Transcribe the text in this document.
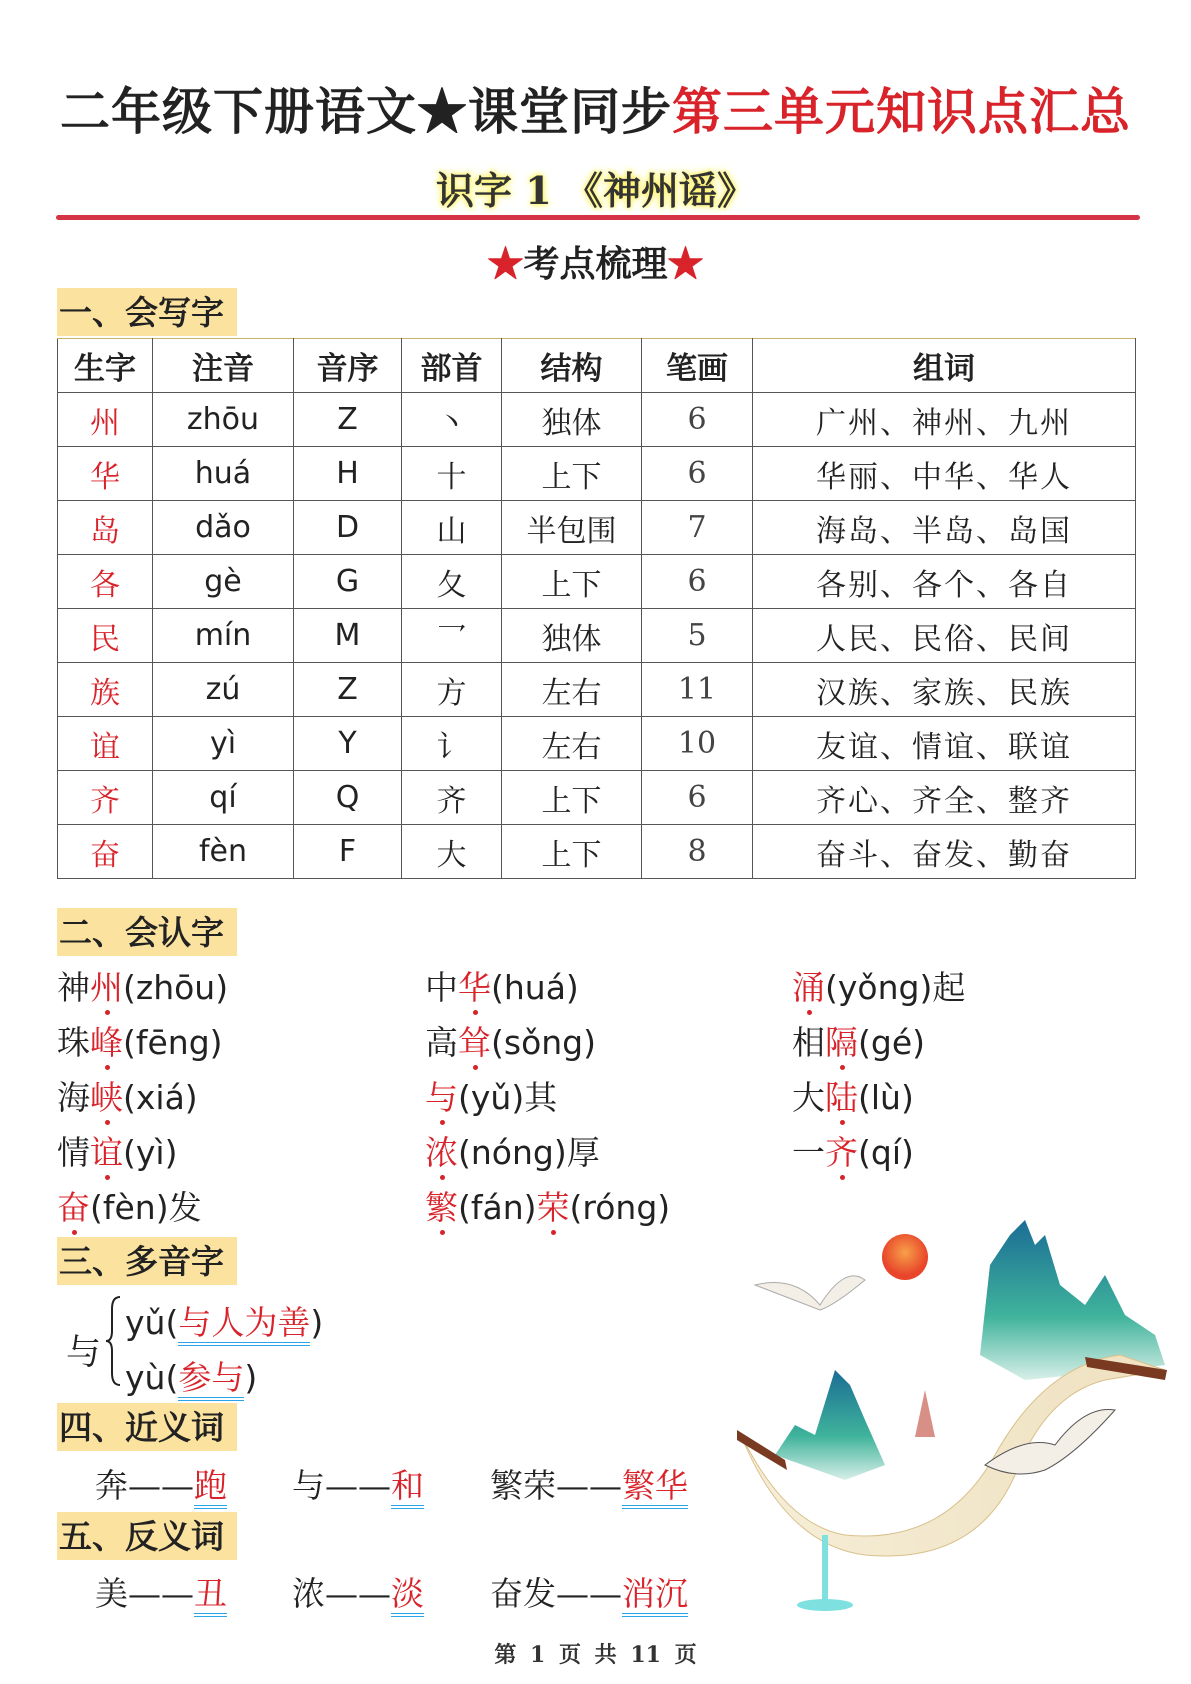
二年级下册语文★课堂同步第三单元知识点汇总
识字 1 《神州谣》
★考点梳理★
一、会写字
生字	注音	音序	部首	结构	笔画	组词
州	zhōu	Z	丶	独体	6	广州、神州、九州
华	huá	H	十	上下	6	华丽、中华、华人
岛	dǎo	D	山	半包围	7	海岛、半岛、岛国
各	gè	G	夂	上下	6	各别、各个、各自
民	mín	M	乛	独体	5	人民、民俗、民间
族	zú	Z	方	左右	11	汉族、家族、民族
谊	yì	Y	讠	左右	10	友谊、情谊、联谊
齐	qí	Q	齐	上下	6	齐心、齐全、整齐
奋	fèn	F	大	上下	8	奋斗、奋发、勤奋
二、会认字
神州(zhōu)	中华(huá)	涌(yǒng)起
珠峰(fēng)	高耸(sǒng)	相隔(gé)
海峡(xiá)	与(yǔ)其	大陆(lù)
情谊(yì)	浓(nóng)厚	一齐(qí)
奋(fèn)发	繁(fán)荣(róng)
三、多音字
与
yǔ(与人为善)
yù(参与)
四、近义词
奔——跑 与——和 繁荣——繁华
五、反义词
美——丑 浓——淡 奋发——消沉
第 1 页 共 11 页
